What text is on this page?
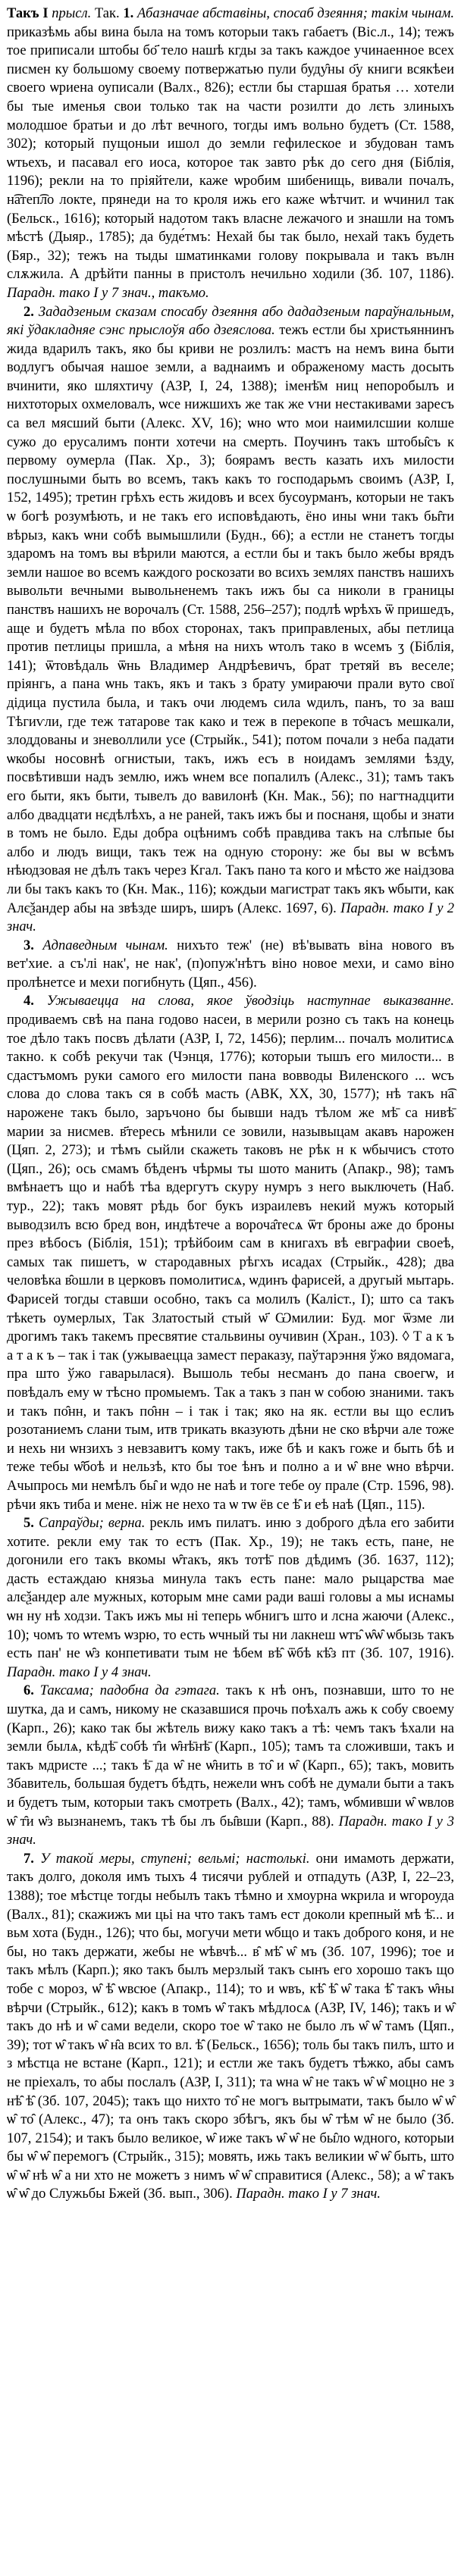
Такъ I прысл. Так. 1. Абазначае абставіны, спосаб дзеяння; такім чынам. приказѣмь абы вина была на томъ которыи такъ габаетъ (Віс.л., 14); тежъ тое приписали штобы бо҃ тело нашѣ кгды за такъ каждое учинаенное всех писмен ку большому своему потвержатью пули буду̑ны о҃у книги всякѣеи своего ѡриена оуписали (Валх., 826); естли бы старшая братья … хотели бы тые именья свои только так на части розилти до лєть злиныхъ молодшое братьи и до лѣт вечного, тогды имъ вольно будетъ (Ст. 1588, 302); который пущоныи ишол до земли гефилеское и збудован тамъ ѡтьехъ, и пасавал его иоса, которое так завто рѣк до сего дня (Біблія, 1196); рекли на то пріяйтели, каже ѡробим шибенищь, вивали почалъ, н͡атеп͡ло локте, прянеди на то кроля ижь его каже ѡѣтчит. и ѡчинил так (Бельск., 1616); который надотом такъ власне лежачого и знашли на томъ мѣстѣ (Дыяр., 1785); да буде́тмъ: Нехай бы так было, нехай такъ будеть (Бяр., 32); тежъ на тыды шматинками голову покрывала и такъ вълн слѫжила. А дрѣйти панны в пристолъ нечильно ходили (Зб. 107, 1186). Парадн. такo І у 7 знач., такъмо.

2. Зададзеным сказам спосабу дзеяння або дададзеным параўнальным, які ўдакладняе сэнс прыслоўя або дзеяслова. тежъ естли бы христьяннинъ жида вдарилъ такъ, яко бы криви не розлилъ: мастъ на немъ вина быти водлугъ обычая нашое земли, а ваднаимъ и ображеному масть досыть вчинити, яко шляхтичу (АЗР, І, 24, 1388); іменѣ̄м ниц непоробылъ и нихтоторых охмеловалъ, ѡсе нижшихъ же так же ѵни нестакивами заресъ са вел мясший быти (Алекс. XV, 16); ѡно ѡто мои наимилсшии колше сужо до ерусалимъ понти хотечи на смерть. Поучинъ такъ штобы̑съ к первому оумерла (Пак. Хр., 3); боярамъ весть казать ихъ милости послушными быть во всемъ, такъ какъ то господарьмъ своимъ (АЗР, І, 152, 1495); третин грѣхъ есть жидовъ и всех бусоурманъ, которыи не такъ ѡ богѣ розумѣють, и не такъ его исповѣдають, ёно ины ѡни такъ бы̑ти вѣрыз, какъ ѡни собѣ вымышлили (Будн., 66); а естли не станетъ тогды здаромъ на томъ вы вѣрили маются, а естли бы и такъ было жебы врядъ земли нашое во всемъ каждого роскозати во всихъ землях панствъ нашихъ вывольти вечными вывольненемъ такъ ижъ бы са николи в границы панствъ нашихъ не ворочалъ (Ст. 1588, 256–257); подлѣ ѡрѣхъ ѿ пришедъ, аще и будетъ мѣла по вбох сторонах, такъ приправленых, абы петлица против петлицы пришла, а мѣня на нихъ ѡтолъ тако в ѡсемъ ӡ (Біблія, 141); ѿтовѣдаль ѿнь Владимер Андрѣевичъ, брат третяй въ веселе; пріянгь, а пана ѡнь такъ, якъ и такъ з брату умираючи прали вуто свої дідица пустила была, и такъ очи людемъ сила ѡдилъ, панъ, то за ваш Тѣгиѵли, где теж татарове так како и теж в перекопе в то̑часъ мешкали, злоддованы и зневоллили усе (Стрыйк., 541); потом почали з неба падати ѡкобы носовнѣ огнистыи, такъ, ижъ есъ в ноидамъ землями ѣзду, посвѣтивши надъ землю, ижъ ѡнем все попалилъ (Алекс., 31); тамъ такъ его быти, якъ быти, тывелъ до вавилонѣ (Кн. Мак., 56); по нагтнадцити албо двадцати нєдѣлѣхъ, а не раней, такъ ижъ бы и поснаня, щобы и знати в томъ не было. Еды добра оцѣнимъ собѣ правдива такъ на слѣпые бы албо и людъ вищи, такъ теж на одную сторону: же бы вы ѡ всѣмъ нѣюдзовая не дѣлъ такъ через Кгал. Такъ пано та кого и мѣсто же наідзова ли бы такъ какъ то (Кн. Мак., 116); кождыи магистрат такъ якъ ѡбыти, как Алєѯандер абы на звѣзде ширъ, ширъ (Алекс. 1697, 6). Парадн. такo І у 2 знач.

3. Адпаведным чынам. нихъто теж' (не) вѣ'вывать віна нового въ вет'хие. а съ'лі нак', не нак', (п)опуж'нѣтъ віно новое мехи, и само віно пролѣнетсе и мехи погибнуть (Цяп., 456).

4. Ужываецца на слова, якое ўводзіць наступнае выказванне. продиваемъ свѣ на пана годово насеи, в мерили розно съ такъ на конець тое дѣло такъ посвъ дѣлати (АЗР, І, 72, 1456); перлим... почалъ молитисѧ такно. к собѣ рекучи так (Чэнця, 1776); которыи тышъ его милости... в сдастъмомъ руки самого его милости пана вовводы Виленского ... ѡсъ слова до слова такъ ся в собѣ масть (АВК, XX, 30, 1577); нѣ такъ н͡а нарожене такъ было, заръчоно бы бывши надъ тѣлом же мѣ̄ са нивѣ̄ марии за нисмев. в҃тересь мѣнили се зовили, назывыцам акавъ нарожен (Цяп. 2, 273); и тѣмъ сыйли скажеть таковъ не рѣк н к ѡбычисъ стото (Цяп., 26); ось смамъ бѣденъ чѣрмы ты шото манить (Апакр., 98); тамъ вмѣнаетъ що и набѣ тѣа вдергутъ скуру нумръ з него выключеть (Наб. тур., 22); такъ мовят рѣдь бог букъ израилевъ некий мужъ который выводзилъ всю бред вон, индѣтече а вороча̑тесѧ ѿт броны аже до броны през вѣбосъ (Біблія, 151); трѣйбоим сам в книгахъ вѣ евграфии своеѣ, самых так пишетъ, ѡ стародавных рѣгхъ исадах (Стрыйк., 428); два человѣка в̑ошли в церковъ помолитисѧ, ѡдинъ фарисей, а другый мытарь. Фарисей тогды ставши особно, такъ са молилъ (Каліст., І); што са такъ тѣкеть оумерлых, Так Златостый стый ѡ҃ Ѡмилии: Буд. мог ѿзме ли дрогимъ такъ такемъ пресвятие стальвины оучивин (Хран., 103). ◊ Т а к ъ а т а к ъ – так і так (ужываецца замест пераказу, паўтарэння ўжо вядомага, пра што ўжо гаварылася). Вышоль тебы несманъ до пана своегѡ, и повѣдалъ ему ѡ тѣсно промыемъ. Так а такъ з пан ѡ собою знаними. такъ и такъ по̑нн, и такъ по̑нн – і так і так; яко на як. естли вы що еслиъ розотаниемъ слани тым, итв трикать вказують дѣни не ско вѣрчи але тоже и нехь ни ѡнзихъ з невзавитъ кому такъ, иже бѣ и какъ гоже и быть бѣ и теже тебы ѡ̑боѣ и нельзѣ, кто бы тое ѣнъ и полно а и ѡ̑ вне ѡно вѣрчи. Ачыпрось ми немѣлъ бы̑ и ѡдо не наѣ и тоге тебе оу прале (Стр. 1596, 98). рѣчи якъ тиба и мене. ніж не нехо та ѡ тѡ ёв се ѣ̑ и еѣ наѣ (Цяп., 115).

5. Сапраўды; верна. рекль имъ пилатъ. иню з доброго дѣла его забити хотите. рекли ему так то естъ (Пак. Хр., 19); не такъ есть, пане, не догонили его такъ вкомы ѡ̑такъ, якъ тотѣ̄ пов дѣдимъ (Зб. 1637, 112); дасть естаждаю князьа минула такъ есть пане: мало рыцарства мае алєѯандер але мужных, которым мне сами ради ваші головы а мы иснамы ѡн ну нѣ ходзи. Такъ ижъ мы ні теперь ѡбнигъ што и лсна жаючи (Алекс., 10); чомъ то ѡтемъ ѡзрю, то есть ѡчный ты ни лакнеш ѡтъ̑ ѡ̑ѡ̑ ѡбызь такъ есть пан' не ѡ̑з конпетивати тым не ѣбем вѣ̑ ѿбѣ кѣ̑з пт (Зб. 107, 1916). Парадн. такo І у 4 знач.

6. Таксама; падобна да гэтага. такъ к нѣ онъ, познавши, што то не шутка, да и самъ, никому не сказавшися прочь поѣхалъ ажь к собу своему (Карп., 26); како так бы жѣтель вижу како такъ а тѣ: чемъ такъ ѣхали на земли былѧ, кѣдѣ̄̄ собѣ т̑и ѡ̑нѣ̄нѣ̄ (Карп., 105); тамъ та сложивши, такъ и такъ мдристе ...; такъ ѣ̄ да ѡ̑ не ѡ̑нить в то̑ и ѡ̑ (Карп., 65); такъ, мовить Збавитель, большая будетъ бѣдть, нежели ѡнъ собѣ не думали быти а такъ и будетъ тым, которыи такъ смотреть (Валх., 42); тамъ, ѡбмивши ѡ̑ ѡвлов ѡ̑ т̑и ѡ̑з вызнанемъ, такъ тѣ бы лъ бы̑вши (Карп., 88). Парадн. такo І у 3 знач.

7. У такой меры, ступені; вельмі; настолькі. они имамоть держати, такъ долго, доколя имъ тыхъ 4 тисячи рублей и отпадуть (АЗР, І, 22–23, 1388); тое мѣстце тогды небылъ такъ тѣмно и хмоурна ѡкрила и ѡгороуда (Валх., 81); скажижъ ми цьі на что такъ тамъ ест доколи крепный мѣ ѣ̄... и вьм хота (Будн., 126); что бы, могучи мети ѡбщо и такъ доброго коня, и не бы, но такъ держати, жебы не ѡѣвчѣ... в̑ мѣ̑ ѡ̑ мъ (Зб. 107, 1996); тое и такъ мѣлъ (Карп.); яко такъ былъ мерзлый такъ сынъ его хорошо такъ що тобе с мороз, ѡ̑ ѣ̑ ѡвсюе (Апакр., 114); то и ѡвъ, кѣ̑ ѣ̑ ѡ̑ така ѣ̑ такъ ѡ̑ны вѣрчи (Стрыйк., 612); какъ в томъ ѡ̑ такъ мѣдлосѧ (АЗР, ІV, 146); такъ и ѡ̑ такъ до нѣ и ѡ̑ сами ведели, скоро тое ѡ̑ тако не было лъ ѡ̑ ѡ̑ тамъ (Цяп., 39); тот ѡ̑ такъ ѡ̑ н̑а всих то вл. ѣ̑ (Бельск., 1656); толь бы такъ пилъ, што и з мѣстца не встане (Карп., 121); и естли же такъ будетъ тѣжко, абы самъ не пріехалъ, то абы послалъ (АЗР, І, 311); та ѡна ѡ̑ не такъ ѡ̑ ѡ̑ моцно не з нѣ̑ ѣ̑ (Зб. 107, 2045); такъ що нихто то̑ не могъ вытрымати, такъ было ѡ̑ ѡ̑ ѡ̑ то̑ (Алекс., 47); та онъ такъ скоро збѣгъ, якъ бы ѡ̑ тѣм ѡ̑ не было (Зб. 107, 2154); и такъ было великое, ѡ̑ иже такъ ѡ̑ ѡ̑ не бы̑ло ѡдного, которыи бы ѡ̑ ѡ̑ перемогъ (Стрыйк., 315); мовять, ижь такъ великии ѡ̑ ѡ̑ быть, што ѡ̑ ѡ̑ нѣ ѡ̑ а ни хто не можетъ з нимъ ѡ̑ ѡ̑ справитися (Алекс., 58); а ѡ̑ такъ ѡ̑ ѡ̑ до Служьбы Бжей (Зб. вып., 306). Парадн. такo І у 7 знач.
